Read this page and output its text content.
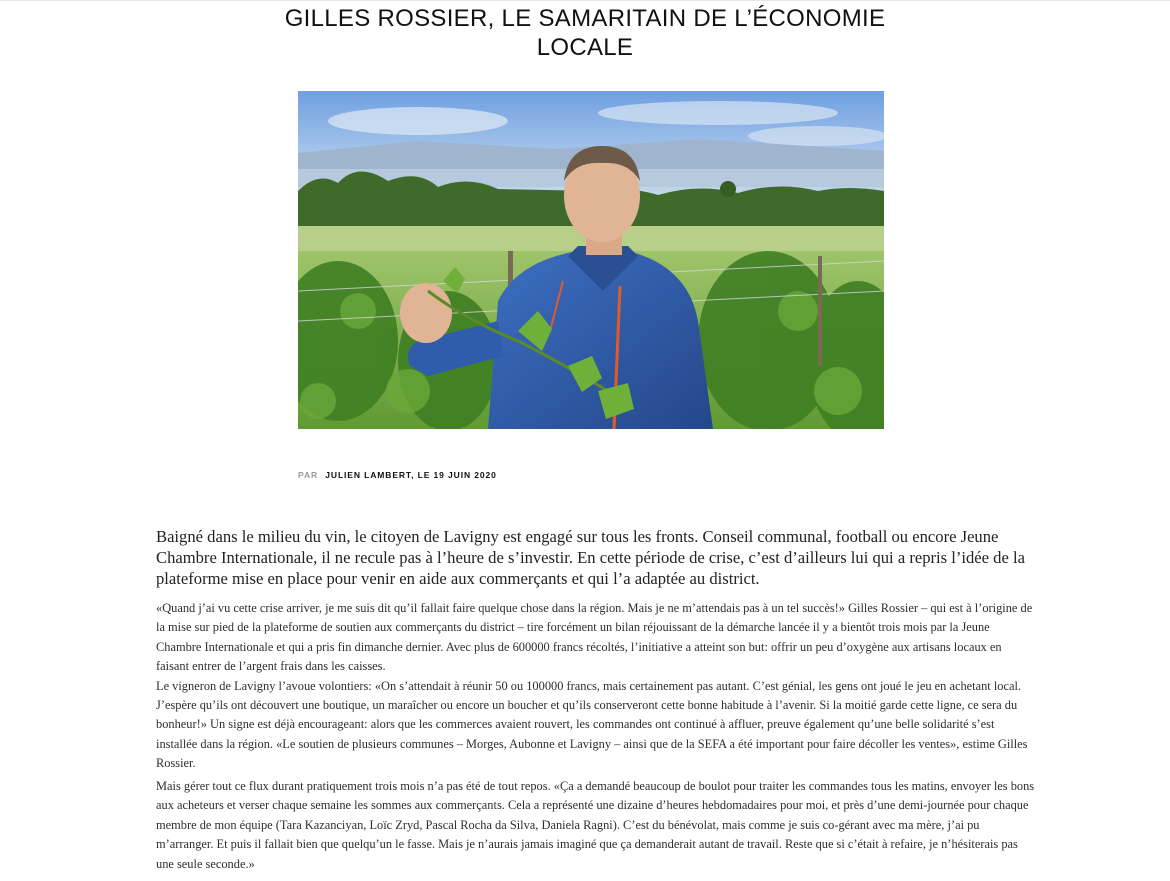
GILLES ROSSIER, LE SAMARITAIN DE L’ÉCONOMIE
LOCALE
PAR JULIEN LAMBERT, LE 19 JUIN 2020

Baigné dans le milieu du vin, le citoyen de Lavigny est engagé sur tous les fronts. Conseil communal, football ou encore Jeune Chambre Internationale, il ne recule pas à l’heure de s’investir. En cette période de crise, c’est d’ailleurs lui qui a repris l’idée de la plateforme mise en place pour venir en aide aux commerçants et qui l’a adaptée au district.

«Quand j’ai vu cette crise arriver, je me suis dit qu’il fallait faire quelque chose dans la région. Mais je ne m’attendais pas à un tel succès!» Gilles Rossier – qui est à l’origine de la mise sur pied de la plateforme de soutien aux commerçants du district – tire forcément un bilan réjouissant de la démarche lancée il y a bientôt trois mois par la Jeune Chambre Internationale et qui a pris fin dimanche dernier. Avec plus de 600000 francs récoltés, l’initiative a atteint son but: offrir un peu d’oxygène aux artisans locaux en faisant entrer de l’argent frais dans les caisses.
Le vigneron de Lavigny l’avoue volontiers: «On s’attendait à réunir 50 ou 100000 francs, mais certainement pas autant. C’est génial, les gens ont joué le jeu en achetant local. J’espère qu’ils ont découvert une boutique, un maraîcher ou encore un boucher et qu’ils conserveront cette bonne habitude à l’avenir. Si la moitié garde cette ligne, ce sera du bonheur!» Un signe est déjà encourageant: alors que les commerces avaient rouvert, les commandes ont continué à affluer, preuve également qu’une belle solidarité s’est installée dans la région. «Le soutien de plusieurs communes – Morges, Aubonne et Lavigny – ainsi que de la SEFA a été important pour faire décoller les ventes», estime Gilles Rossier.

Mais gérer tout ce flux durant pratiquement trois mois n’a pas été de tout repos. «Ça a demandé beaucoup de boulot pour traiter les commandes tous les matins, envoyer les bons aux acheteurs et verser chaque semaine les sommes aux commerçants. Cela a représenté une dizaine d’heures hebdomadaires pour moi, et près d’une demi-journée pour chaque membre de mon équipe (Tara Kazanciyan, Loïc Zryd, Pascal Rocha da Silva, Daniela Ragni). C’est du bénévolat, mais comme je suis co-gérant avec ma mère, j’ai pu m’arranger. Et puis il fallait bien que quelqu’un le fasse. Mais je n’aurais jamais imaginé que ça demanderait autant de travail. Reste que si c’était à refaire, je n’hésiterais pas une seule seconde.»
